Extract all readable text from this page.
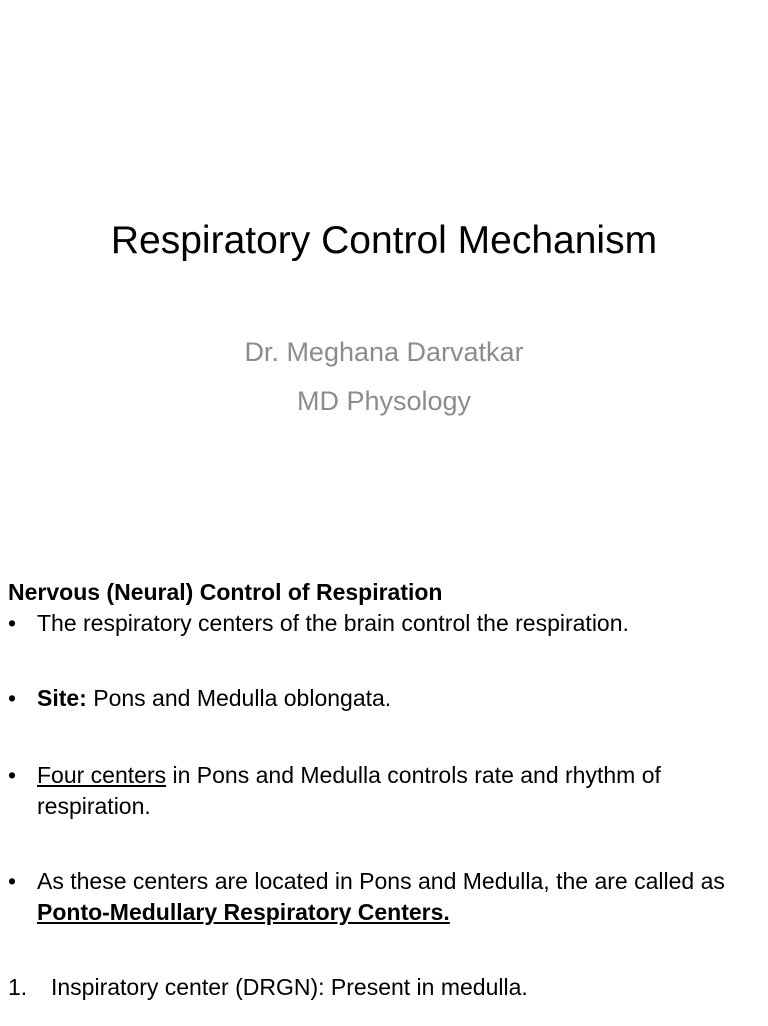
Respiratory Control Mechanism

Dr. Meghana Darvatkar

MD Physology

Nervous (Neural) Control of Respiration

• The respiratory centers of the brain control the respiration.

• Site: Pons and Medulla oblongata.

• Four centers in Pons and Medulla controls rate and rhythm of respiration.

• As these centers are located in Pons and Medulla, the are called as Ponto-Medullary Respiratory Centers.

1. Inspiratory center (DRGN): Present in medulla.
